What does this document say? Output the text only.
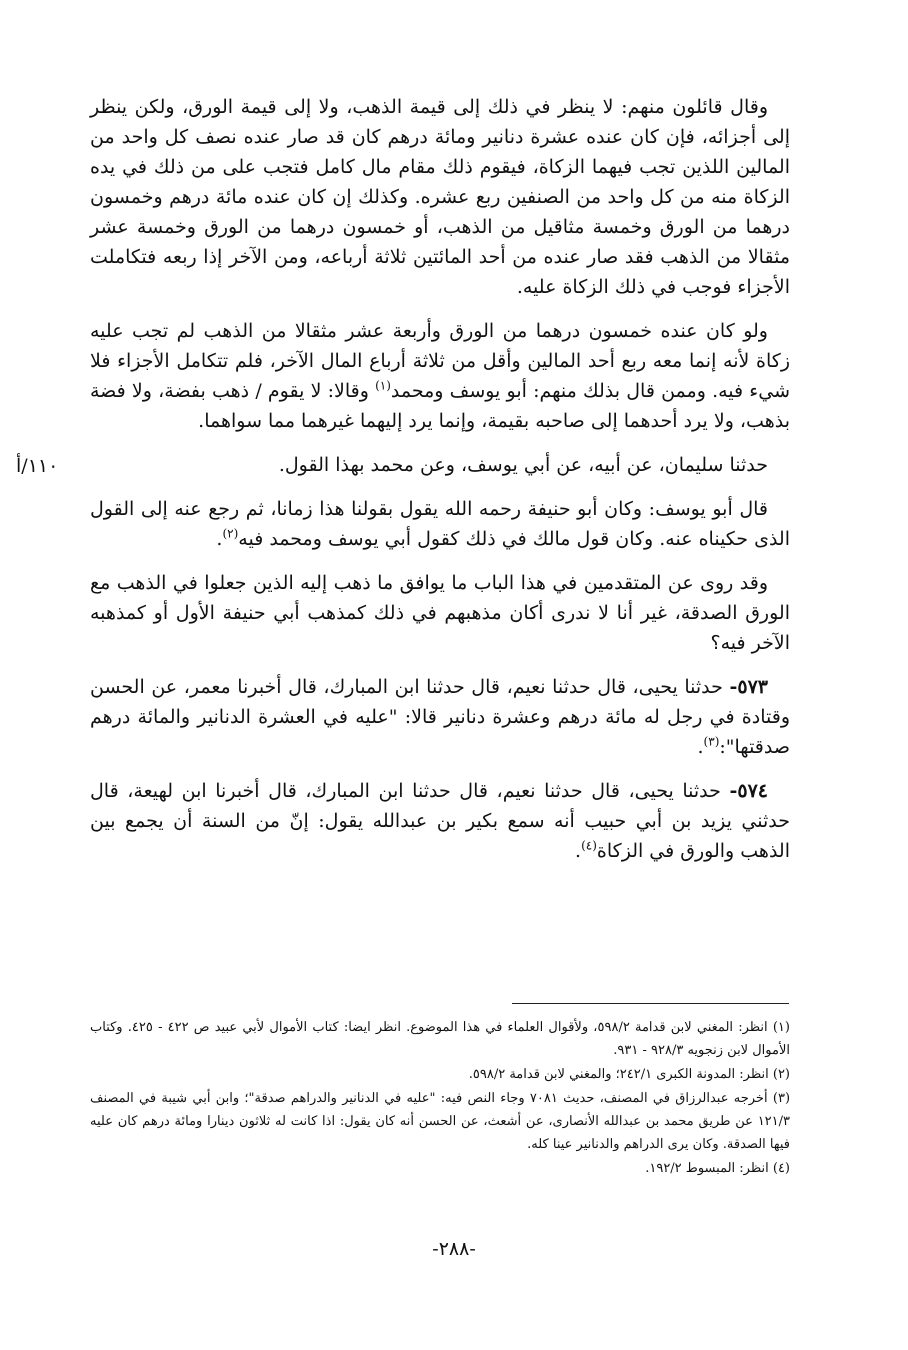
وقال قائلون منهم: لا ينظر في ذلك إلى قيمة الذهب، ولا إلى قيمة الورق، ولكن ينظر إلى أجزائه، فإن كان عنده عشرة دنانير ومائة درهم كان قد صار عنده نصف كل واحد من المالين اللذين تجب فيهما الزكاة، فيقوم ذلك مقام مال كامل فتجب على من ذلك في يده الزكاة منه من كل واحد من الصنفين ربع عشره. وكذلك إن كان عنده مائة درهم وخمسون درهما من الورق وخمسة مثاقيل من الذهب، أو خمسون درهما من الورق وخمسة عشر مثقالا من الذهب فقد صار عنده من أحد المائتين ثلاثة أرباعه، ومن الآخر إذا ربعه فتكاملت الأجزاء فوجب في ذلك الزكاة عليه.

ولو كان عنده خمسون درهما من الورق وأربعة عشر مثقالا من الذهب لم تجب عليه زكاة لأنه إنما معه ربع أحد المالين وأقل من ثلاثة أرباع المال الآخر، فلم تتكامل الأجزاء فلا شيء فيه. وممن قال بذلك منهم: أبو يوسف ومحمد$^{(١)}$ وقالا: لا يقوم / ذهب بفضة، ولا فضة بذهب، ولا يرد أحدهما إلى صاحبه بقيمة، وإنما يرد إليهما غيرهما مما سواهما.

حدثنا سليمان، عن أبيه، عن أبي يوسف، وعن محمد بهذا القول.

قال أبو يوسف: وكان أبو حنيفة رحمه الله يقول بقولنا هذا زمانا، ثم رجع عنه إلى القول الذى حكيناه عنه. وكان قول مالك في ذلك كقول أبي يوسف ومحمد فيه$^{(٢)}$.

وقد روى عن المتقدمين في هذا الباب ما يوافق ما ذهب إليه الذين جعلوا في الذهب مع الورق الصدقة، غير أنا لا ندرى أكان مذهبهم في ذلك كمذهب أبي حنيفة الأول أو كمذهبه الآخر فيه؟

٥٧٣- حدثنا يحيى، قال حدثنا نعيم، قال حدثنا ابن المبارك، قال أخبرنا معمر، عن الحسن وقتادة في رجل له مائة درهم وعشرة دنانير قالا: "عليه في العشرة الدنانير والمائة درهم صدقتها":$^{(٣)}$.

٥٧٤- حدثنا يحيى، قال حدثنا نعيم، قال حدثنا ابن المبارك، قال أخبرنا ابن لهيعة، قال حدثني يزيد بن أبي حبيب أنه سمع بكير بن عبدالله يقول: إنّ من السنة أن يجمع بين الذهب والورق في الزكاة$^{(٤)}$.

١١٠/أ

(١) انظر: المغني لابن قدامة ٥٩٨/٢، ولأقوال العلماء في هذا الموضوع. انظر ايضا: كتاب الأموال لأبي عبيد ص ٤٢٢ - ٤٢٥. وكتاب الأموال لابن زنجويه ٩٢٨/٣ - ٩٣١.

(٢) انظر: المدونة الكبرى ٢٤٢/١؛ والمغني لابن قدامة ٥٩٨/٢.

(٣) أخرجه عبدالرزاق في المصنف، حديث ٧٠٨١ وجاء النص فيه: "عليه في الدنانير والدراهم صدقة"؛ وابن أبي شيبة في المصنف ١٢١/٣ عن طريق محمد بن عبدالله الأنصارى، عن أشعث، عن الحسن أنه كان يقول: اذا كانت له ثلاثون دينارا ومائة درهم كان عليه فيها الصدقة. وكان يرى الدراهم والدنانير عينا كله.

(٤) انظر: المبسوط ١٩٢/٢.

-٢٨٨-
